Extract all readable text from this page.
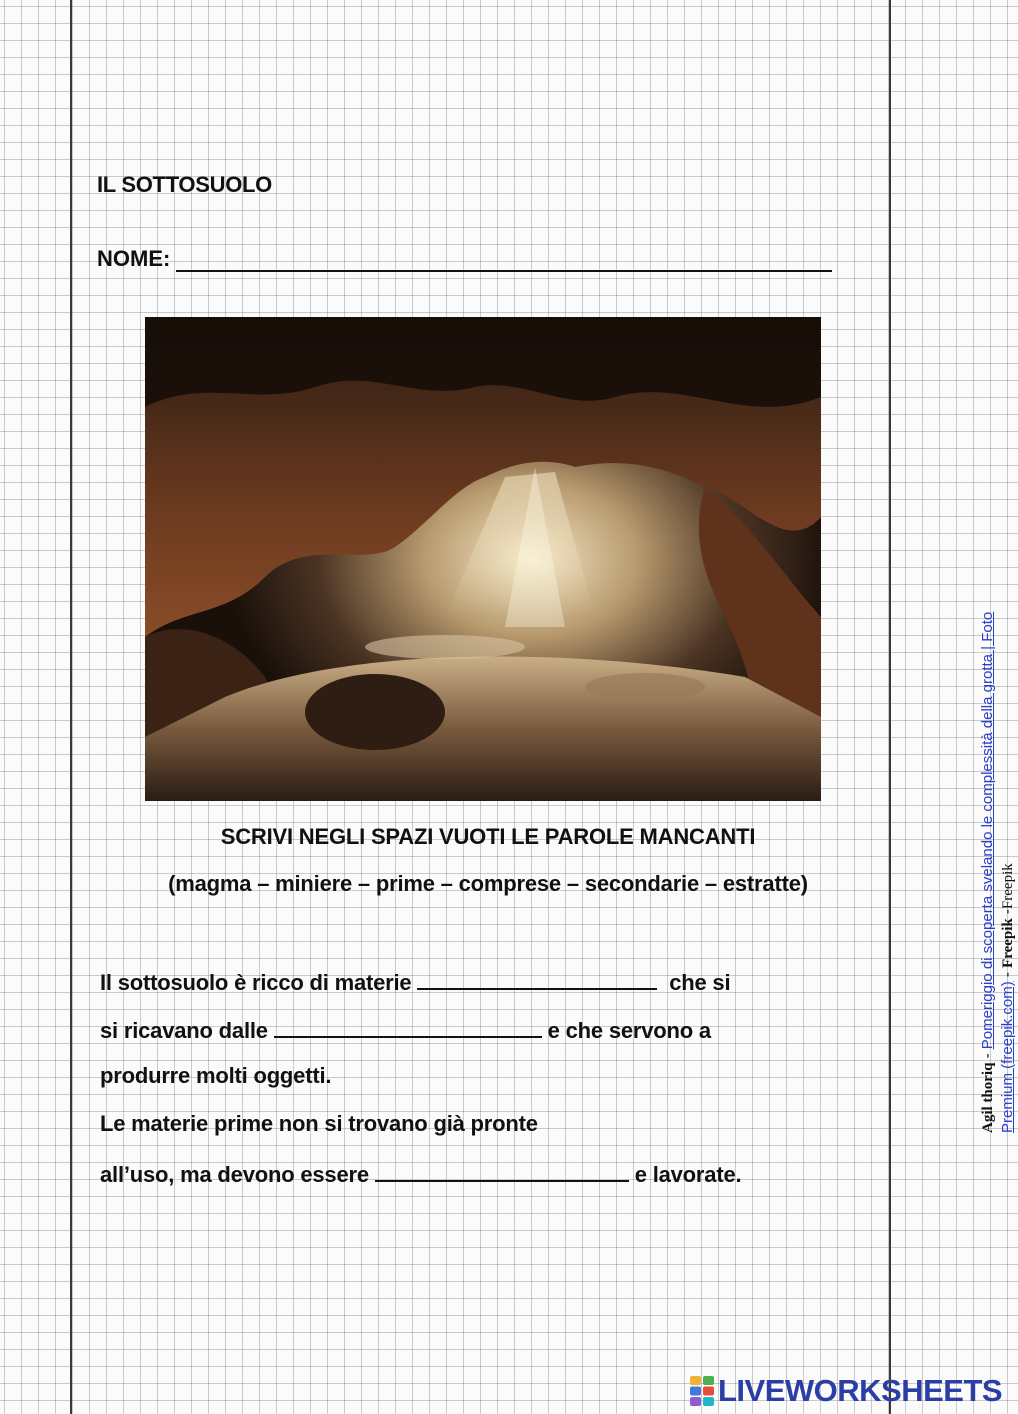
IL SOTTOSUOLO
NOME:
SCRIVI NEGLI SPAZI VUOTI LE PAROLE MANCANTI
(magma – miniere – prime – comprese – secondarie – estratte)
Il sottosuolo è ricco di materie	che si
si ricavano dalle	e che servono a
produrre molti oggetti.
Le materie prime non si trovano già pronte
all’uso, ma devono essere	e lavorate.
Agil thoriq - Pomeriggio di scoperta svelando le complessità della grotta | Foto
Premium (freepik.com) - Freepik -Freepik
LIVEWORKSHEETS
